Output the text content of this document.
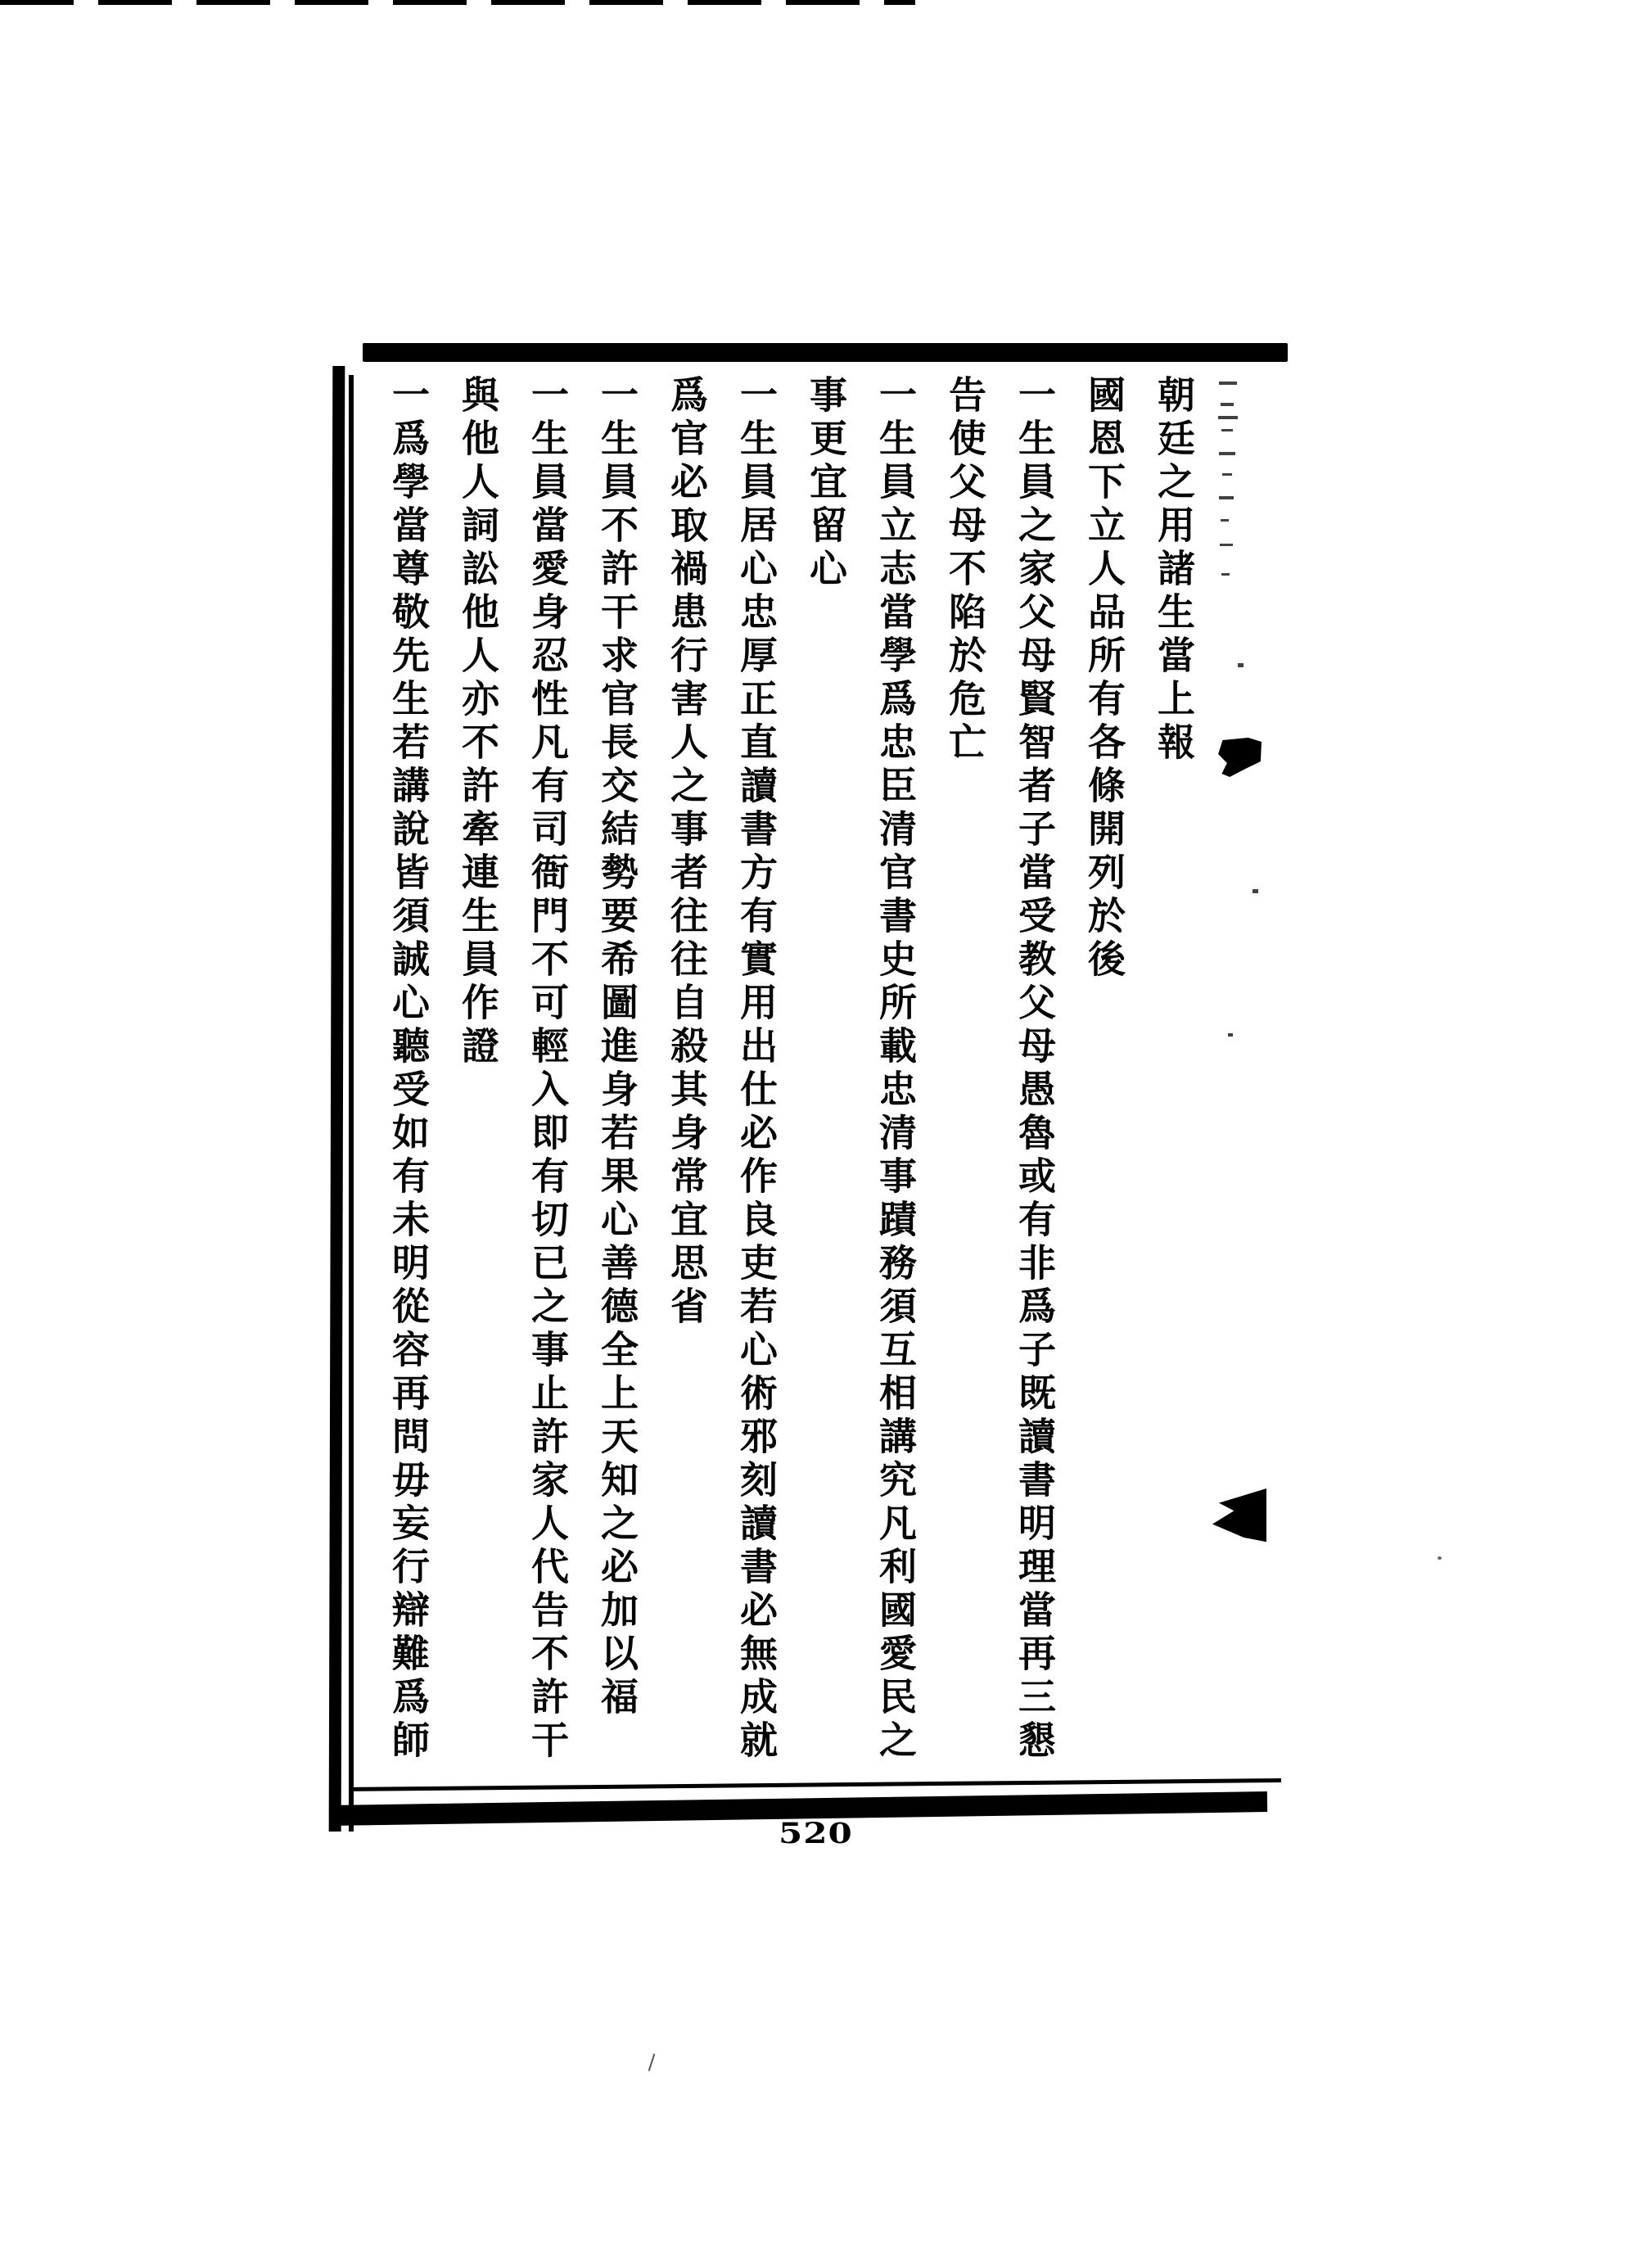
朝廷之用諸生當上報
國恩下立人品所有各條開列於後
一生員之家父母賢智者子當受教父母愚魯或有非爲子既讀書明理當再三懇
告使父母不陷於危亡
一生員立志當學爲忠臣清官書史所載忠清事蹟務須互相講究凡利國愛民之
事更宜留心
一生員居心忠厚正直讀書方有實用出仕必作良吏若心術邪刻讀書必無成就
爲官必取禍患行害人之事者往往自殺其身常宜思省
一生員不許干求官長交結勢要希圖進身若果心善德全上天知之必加以福
一生員當愛身忍性凡有司衙門不可輕入即有切已之事止許家人代告不許干
與他人詞訟他人亦不許牽連生員作證
一爲學當尊敬先生若講說皆須誠心聽受如有未明從容再問毋妄行辯難爲師
520
